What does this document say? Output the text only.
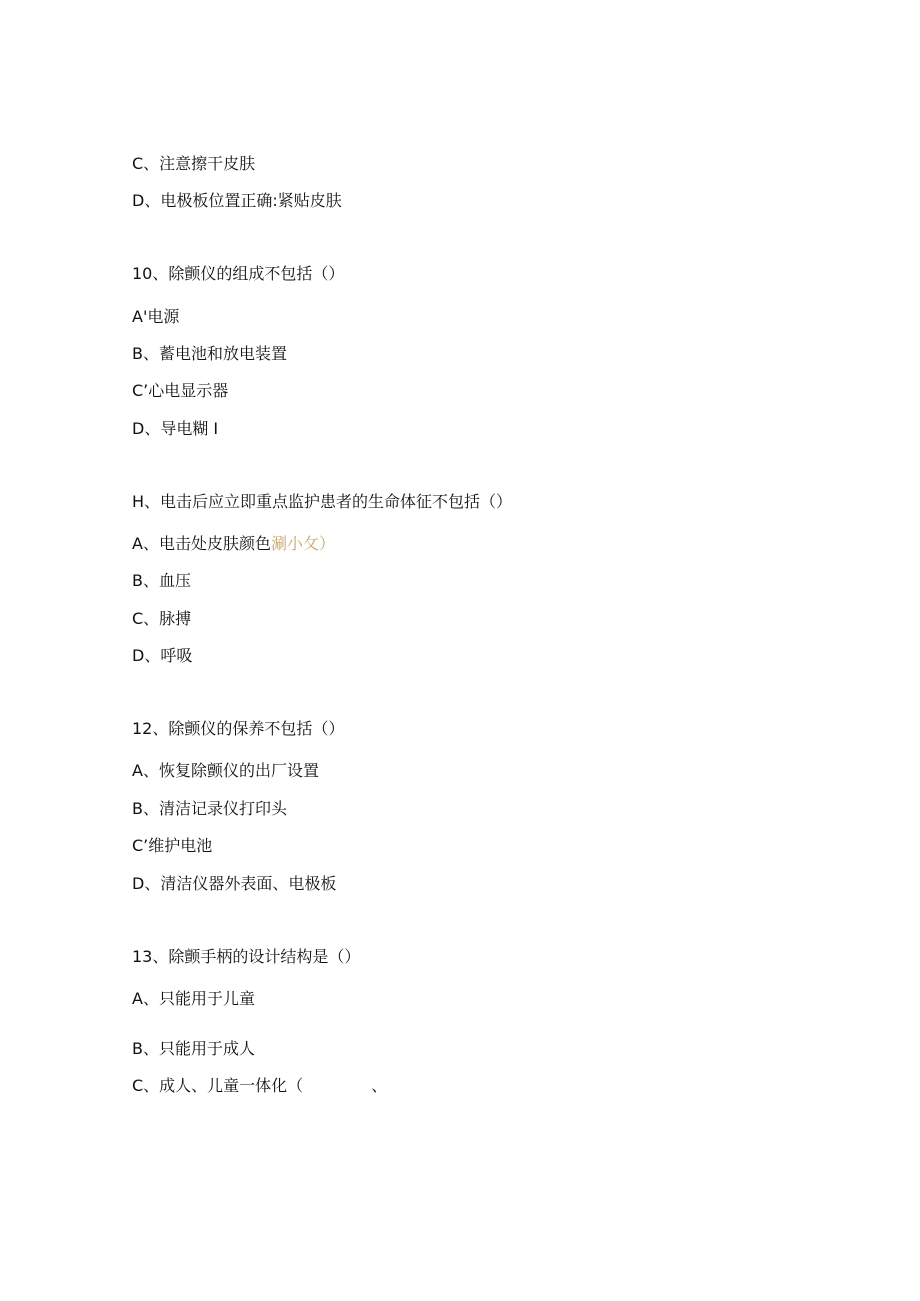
C、注意擦干皮肤
D、电极板位置正确:紧贴皮肤
10、除颤仪的组成不包括（）
A'电源
B、蓄电池和放电装置
C’心电显示器
D、导电糊 I
H、电击后应立即重点监护患者的生命体征不包括（）
A、电击处皮肤颜色涮小攵）
B、血压
C、脉搏
D、呼吸
12、除颤仪的保养不包括（）
A、恢复除颤仪的出厂设置
B、清洁记录仪打印头
C’维护电池
D、清洁仪器外表面、电极板
13、除颤手柄的设计结构是（）
A、只能用于儿童
B、只能用于成人
C、成人、儿童一体化（	、
